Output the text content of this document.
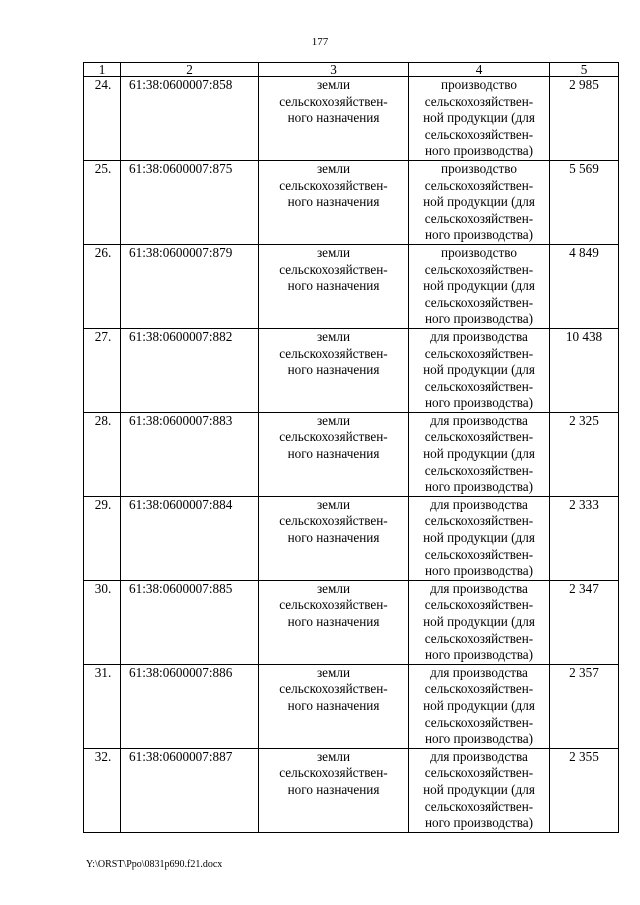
177
1	2	3	4	5
24.	61:38:0600007:858	земли
сельскохозяйствен-
ного назначения	производство
сельскохозяйствен-
ной продукции (для
сельскохозяйствен-
ного производства)	2 985
25.	61:38:0600007:875	земли
сельскохозяйствен-
ного назначения	производство
сельскохозяйствен-
ной продукции (для
сельскохозяйствен-
ного производства)	5 569
26.	61:38:0600007:879	земли
сельскохозяйствен-
ного назначения	производство
сельскохозяйствен-
ной продукции (для
сельскохозяйствен-
ного производства)	4 849
27.	61:38:0600007:882	земли
сельскохозяйствен-
ного назначения	для производства
сельскохозяйствен-
ной продукции (для
сельскохозяйствен-
ного производства)	10 438
28.	61:38:0600007:883	земли
сельскохозяйствен-
ного назначения	для производства
сельскохозяйствен-
ной продукции (для
сельскохозяйствен-
ного производства)	2 325
29.	61:38:0600007:884	земли
сельскохозяйствен-
ного назначения	для производства
сельскохозяйствен-
ной продукции (для
сельскохозяйствен-
ного производства)	2 333
30.	61:38:0600007:885	земли
сельскохозяйствен-
ного назначения	для производства
сельскохозяйствен-
ной продукции (для
сельскохозяйствен-
ного производства)	2 347
31.	61:38:0600007:886	земли
сельскохозяйствен-
ного назначения	для производства
сельскохозяйствен-
ной продукции (для
сельскохозяйствен-
ного производства)	2 357
32.	61:38:0600007:887	земли
сельскохозяйствен-
ного назначения	для производства
сельскохозяйствен-
ной продукции (для
сельскохозяйствен-
ного производства)	2 355
Y:\ORST\Ppo\0831p690.f21.docx
